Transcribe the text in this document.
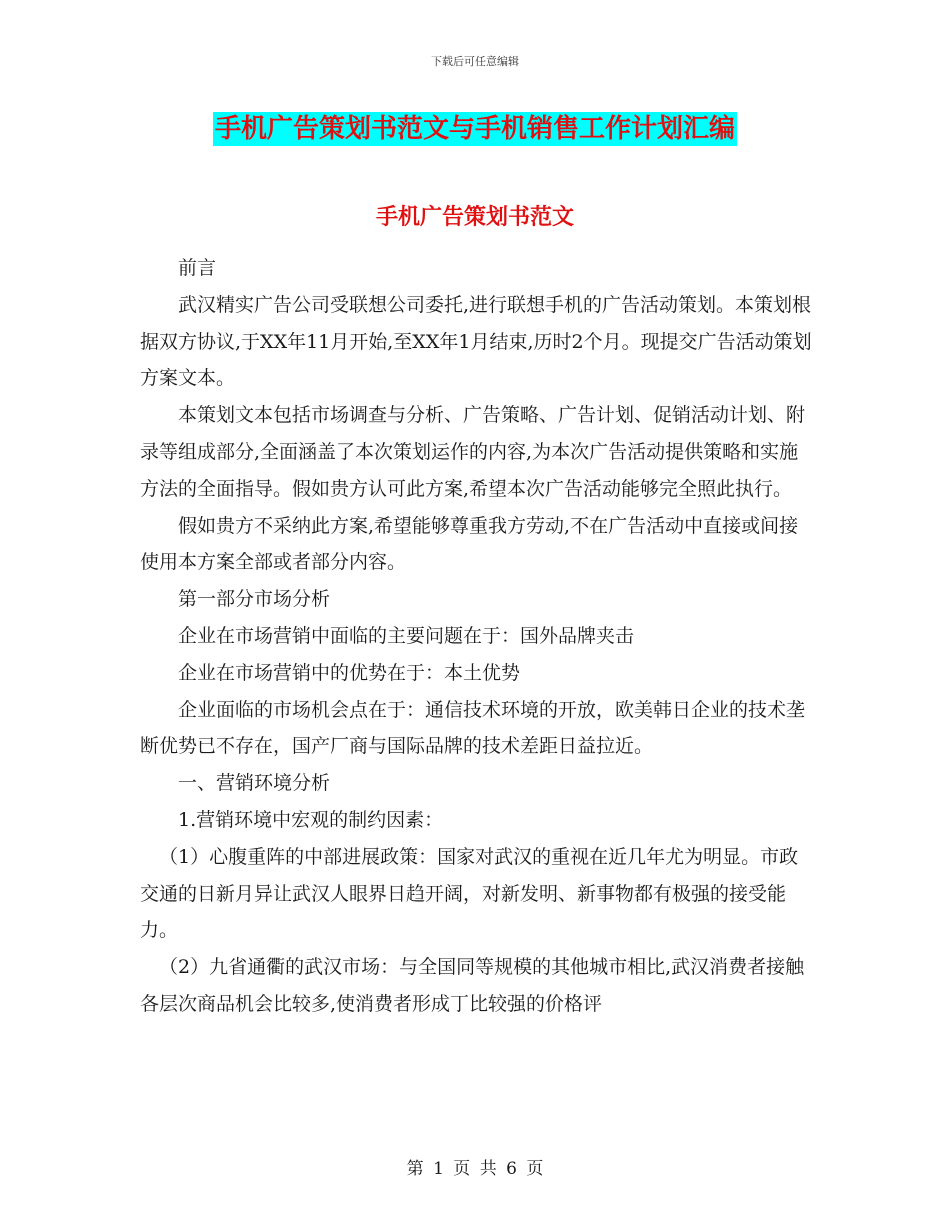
下载后可任意编辑
手机广告策划书范文与手机销售工作计划汇编
手机广告策划书范文

前言

武汉精实广告公司受联想公司委托,进行联想手机的广告活动策划。本策划根据双方协议,于XX年11月开始,至XX年1月结束,历时2个月。现提交广告活动策划方案文本。

本策划文本包括市场调查与分析、广告策略、广告计划、促销活动计划、附录等组成部分,全面涵盖了本次策划运作的内容,为本次广告活动提供策略和实施方法的全面指导。假如贵方认可此方案,希望本次广告活动能够完全照此执行。

假如贵方不采纳此方案,希望能够尊重我方劳动,不在广告活动中直接或间接使用本方案全部或者部分内容。

第一部分市场分析

企业在市场营销中面临的主要问题在于：国外品牌夹击

企业在市场营销中的优势在于：本土优势

企业面临的市场机会点在于：通信技术环境的开放，欧美韩日企业的技术垄断优势已不存在，国产厂商与国际品牌的技术差距日益拉近。

一、营销环境分析

1.营销环境中宏观的制约因素：

（1）心腹重阵的中部进展政策：国家对武汉的重视在近几年尤为明显。市政交通的日新月异让武汉人眼界日趋开阔，对新发明、新事物都有极强的接受能力。

（2）九省通衢的武汉市场：与全国同等规模的其他城市相比,武汉消费者接触各层次商品机会比较多,使消费者形成丁比较强的价格评

第 1 页 共 6 页
